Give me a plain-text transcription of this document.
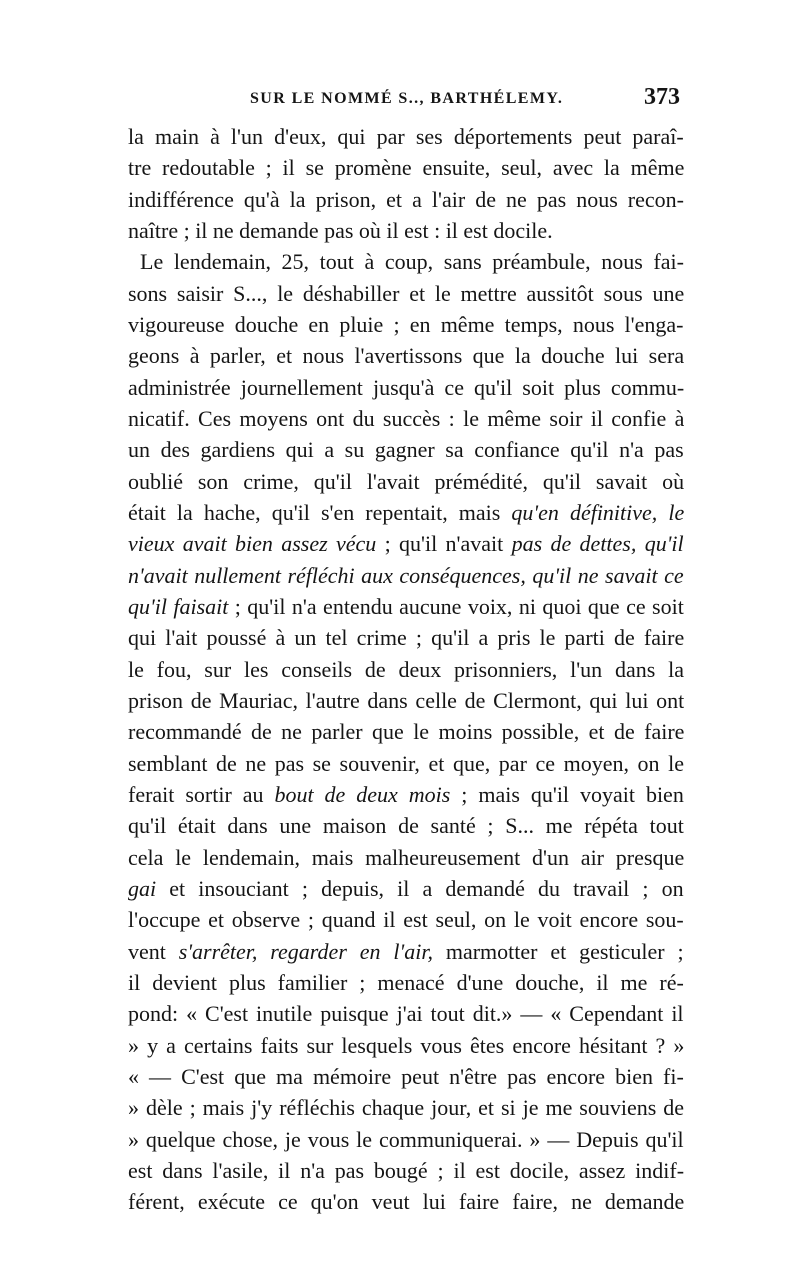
SUR LE NOMMÉ S.., BARTHÉLEMY.	373
la main à l'un d'eux, qui par ses déportements peut paraî-
tre redoutable ; il se promène ensuite, seul, avec la même
indifférence qu'à la prison, et a l'air de ne pas nous recon-
naître ; il ne demande pas où il est : il est docile.
Le lendemain, 25, tout à coup, sans préambule, nous fai-
sons saisir S..., le déshabiller et le mettre aussitôt sous une
vigoureuse douche en pluie ; en même temps, nous l'enga-
geons à parler, et nous l'avertissons que la douche lui sera
administrée journellement jusqu'à ce qu'il soit plus commu-
nicatif. Ces moyens ont du succès : le même soir il confie à
un des gardiens qui a su gagner sa confiance qu'il n'a pas
oublié son crime, qu'il l'avait prémédité, qu'il savait où
était la hache, qu'il s'en repentait, mais qu'en définitive, le
vieux avait bien assez vécu ; qu'il n'avait pas de dettes, qu'il
n'avait nullement réfléchi aux conséquences, qu'il ne savait ce
qu'il faisait ; qu'il n'a entendu aucune voix, ni quoi que ce soit
qui l'ait poussé à un tel crime ; qu'il a pris le parti de faire
le fou, sur les conseils de deux prisonniers, l'un dans la
prison de Mauriac, l'autre dans celle de Clermont, qui lui ont
recommandé de ne parler que le moins possible, et de faire
semblant de ne pas se souvenir, et que, par ce moyen, on le
ferait sortir au bout de deux mois ; mais qu'il voyait bien
qu'il était dans une maison de santé ; S... me répéta tout
cela le lendemain, mais malheureusement d'un air presque
gai et insouciant ; depuis, il a demandé du travail ; on
l'occupe et observe ; quand il est seul, on le voit encore sou-
vent s'arrêter, regarder en l'air, marmotter et gesticuler ;
il devient plus familier ; menacé d'une douche, il me ré-
pond: « C'est inutile puisque j'ai tout dit.» — « Cependant il
» y a certains faits sur lesquels vous êtes encore hésitant ? »
« — C'est que ma mémoire peut n'être pas encore bien fi-
» dèle ; mais j'y réfléchis chaque jour, et si je me souviens de
» quelque chose, je vous le communiquerai. » — Depuis qu'il
est dans l'asile, il n'a pas bougé ; il est docile, assez indif-
férent, exécute ce qu'on veut lui faire faire, ne demande
